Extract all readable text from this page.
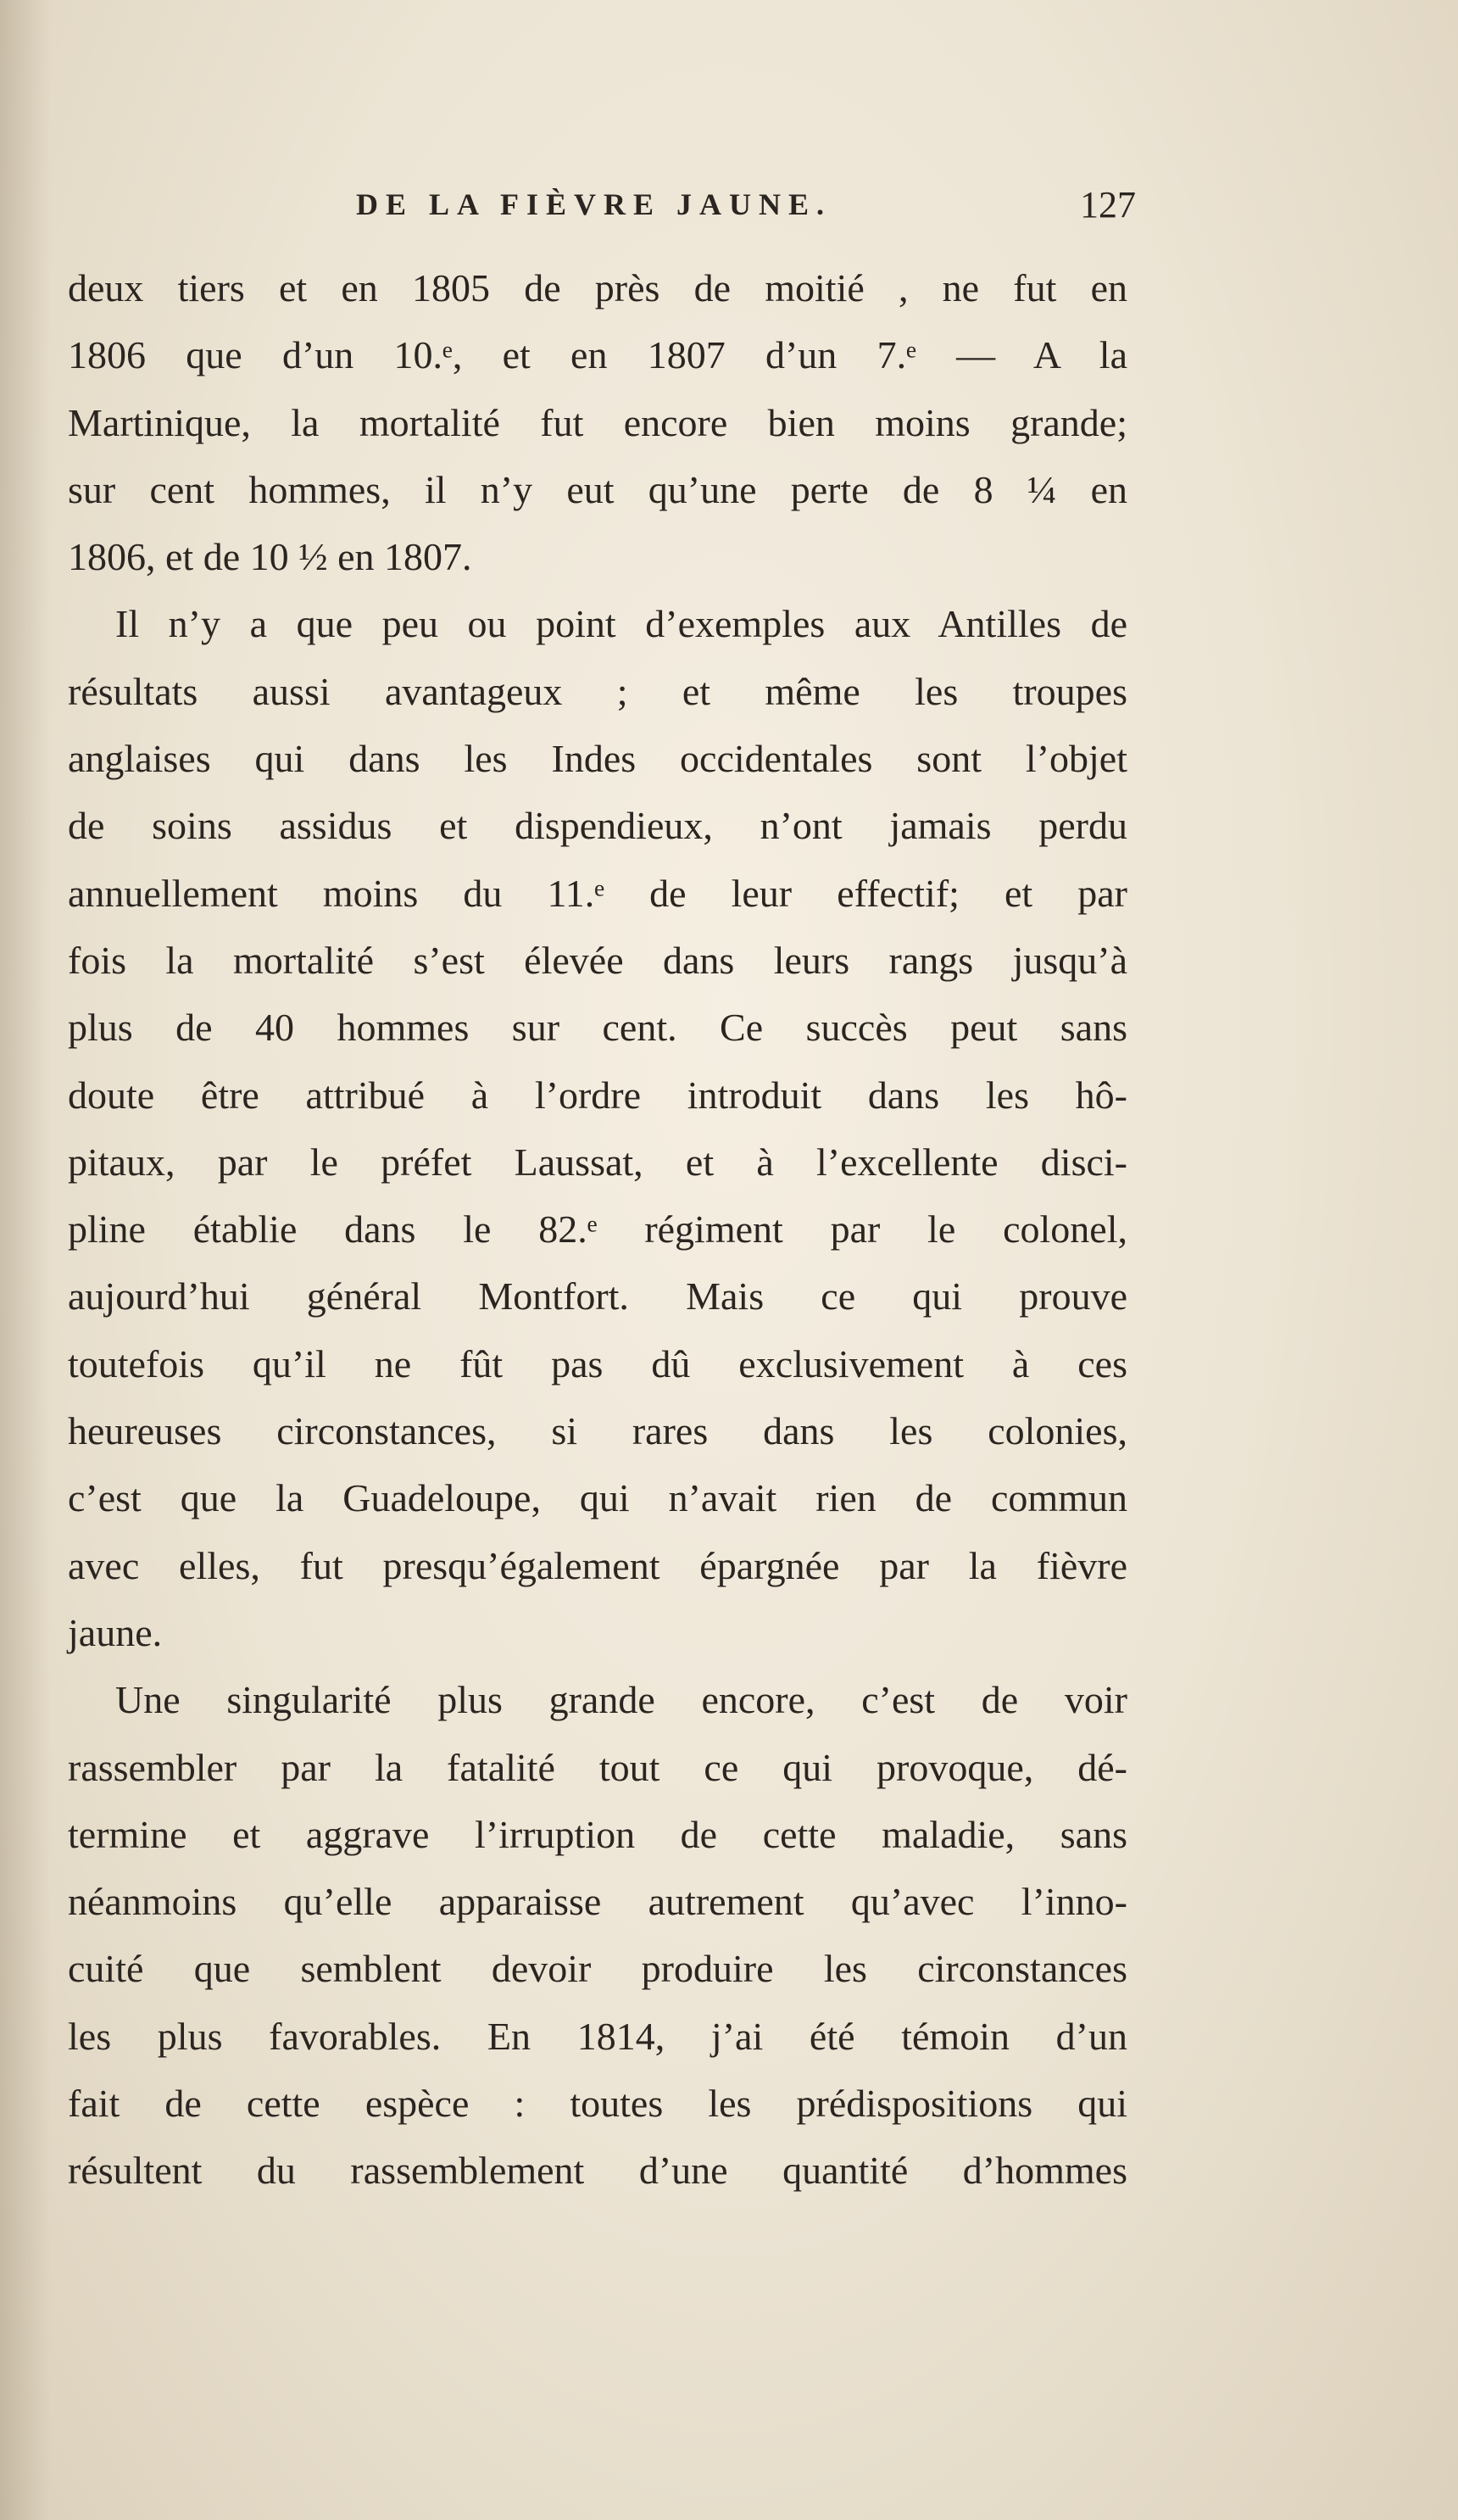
DE LA FIÈVRE JAUNE.	127
deux tiers et en 1805 de près de moitié , ne fut en
1806 que d’un 10.ᵉ, et en 1807 d’un 7.ᵉ — A la
Martinique, la mortalité fut encore bien moins grande;
sur cent hommes, il n’y eut qu’une perte de 8 ¼ en
1806, et de 10 ½ en 1807.
Il n’y a que peu ou point d’exemples aux Antilles de
résultats aussi avantageux ; et même les troupes
anglaises qui dans les Indes occidentales sont l’objet
de soins assidus et dispendieux, n’ont jamais perdu
annuellement moins du 11.ᵉ de leur effectif; et par
fois la mortalité s’est élevée dans leurs rangs jusqu’à
plus de 40 hommes sur cent. Ce succès peut sans
doute être attribué à l’ordre introduit dans les hô-
pitaux, par le préfet Laussat, et à l’excellente disci-
pline établie dans le 82.ᵉ régiment par le colonel,
aujourd’hui général Montfort. Mais ce qui prouve
toutefois qu’il ne fût pas dû exclusivement à ces
heureuses circonstances, si rares dans les colonies,
c’est que la Guadeloupe, qui n’avait rien de commun
avec elles, fut presqu’également épargnée par la fièvre
jaune.
Une singularité plus grande encore, c’est de voir
rassembler par la fatalité tout ce qui provoque, dé-
termine et aggrave l’irruption de cette maladie, sans
néanmoins qu’elle apparaisse autrement qu’avec l’inno-
cuité que semblent devoir produire les circonstances
les plus favorables. En 1814, j’ai été témoin d’un
fait de cette espèce : toutes les prédispositions qui
résultent du rassemblement d’une quantité d’hommes
